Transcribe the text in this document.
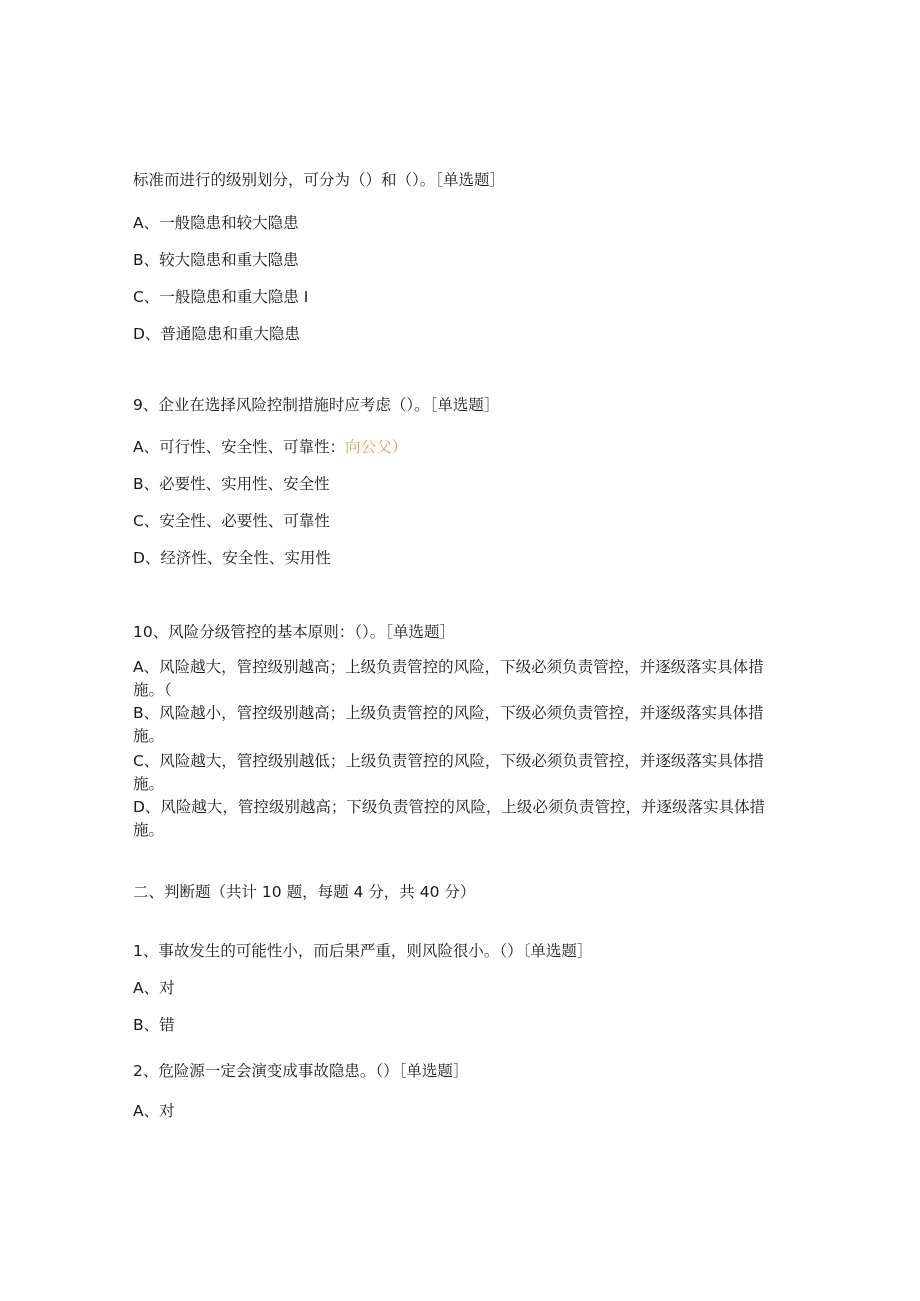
标准而进行的级别划分，可分为（）和（）。［单选题］
A、一般隐患和较大隐患
B、较大隐患和重大隐患
C、一般隐患和重大隐患 I
D、普通隐患和重大隐患
9、企业在选择风险控制措施时应考虑（）。［单选题］
A、可行性、安全性、可靠性：向公父）
B、必要性、实用性、安全性
C、安全性、必要性、可靠性
D、经济性、安全性、实用性
10、风险分级管控的基本原则：（）。［单选题］
A、风险越大，管控级别越高；上级负责管控的风险，下级必须负责管控，并逐级落实具体措施。（
B、风险越小，管控级别越高；上级负责管控的风险，下级必须负责管控，并逐级落实具体措施。
C、风险越大，管控级别越低；上级负责管控的风险，下级必须负责管控，并逐级落实具体措施。
D、风险越大，管控级别越高；下级负责管控的风险，上级必须负责管控，并逐级落实具体措施。
二、判断题（共计 10 题，每题 4 分，共 40 分）
1、事故发生的可能性小，而后果严重，则风险很小。（）〔单选题］
A、对
B、错
2、危险源一定会演变成事故隐患。（）［单选题］
A、对
